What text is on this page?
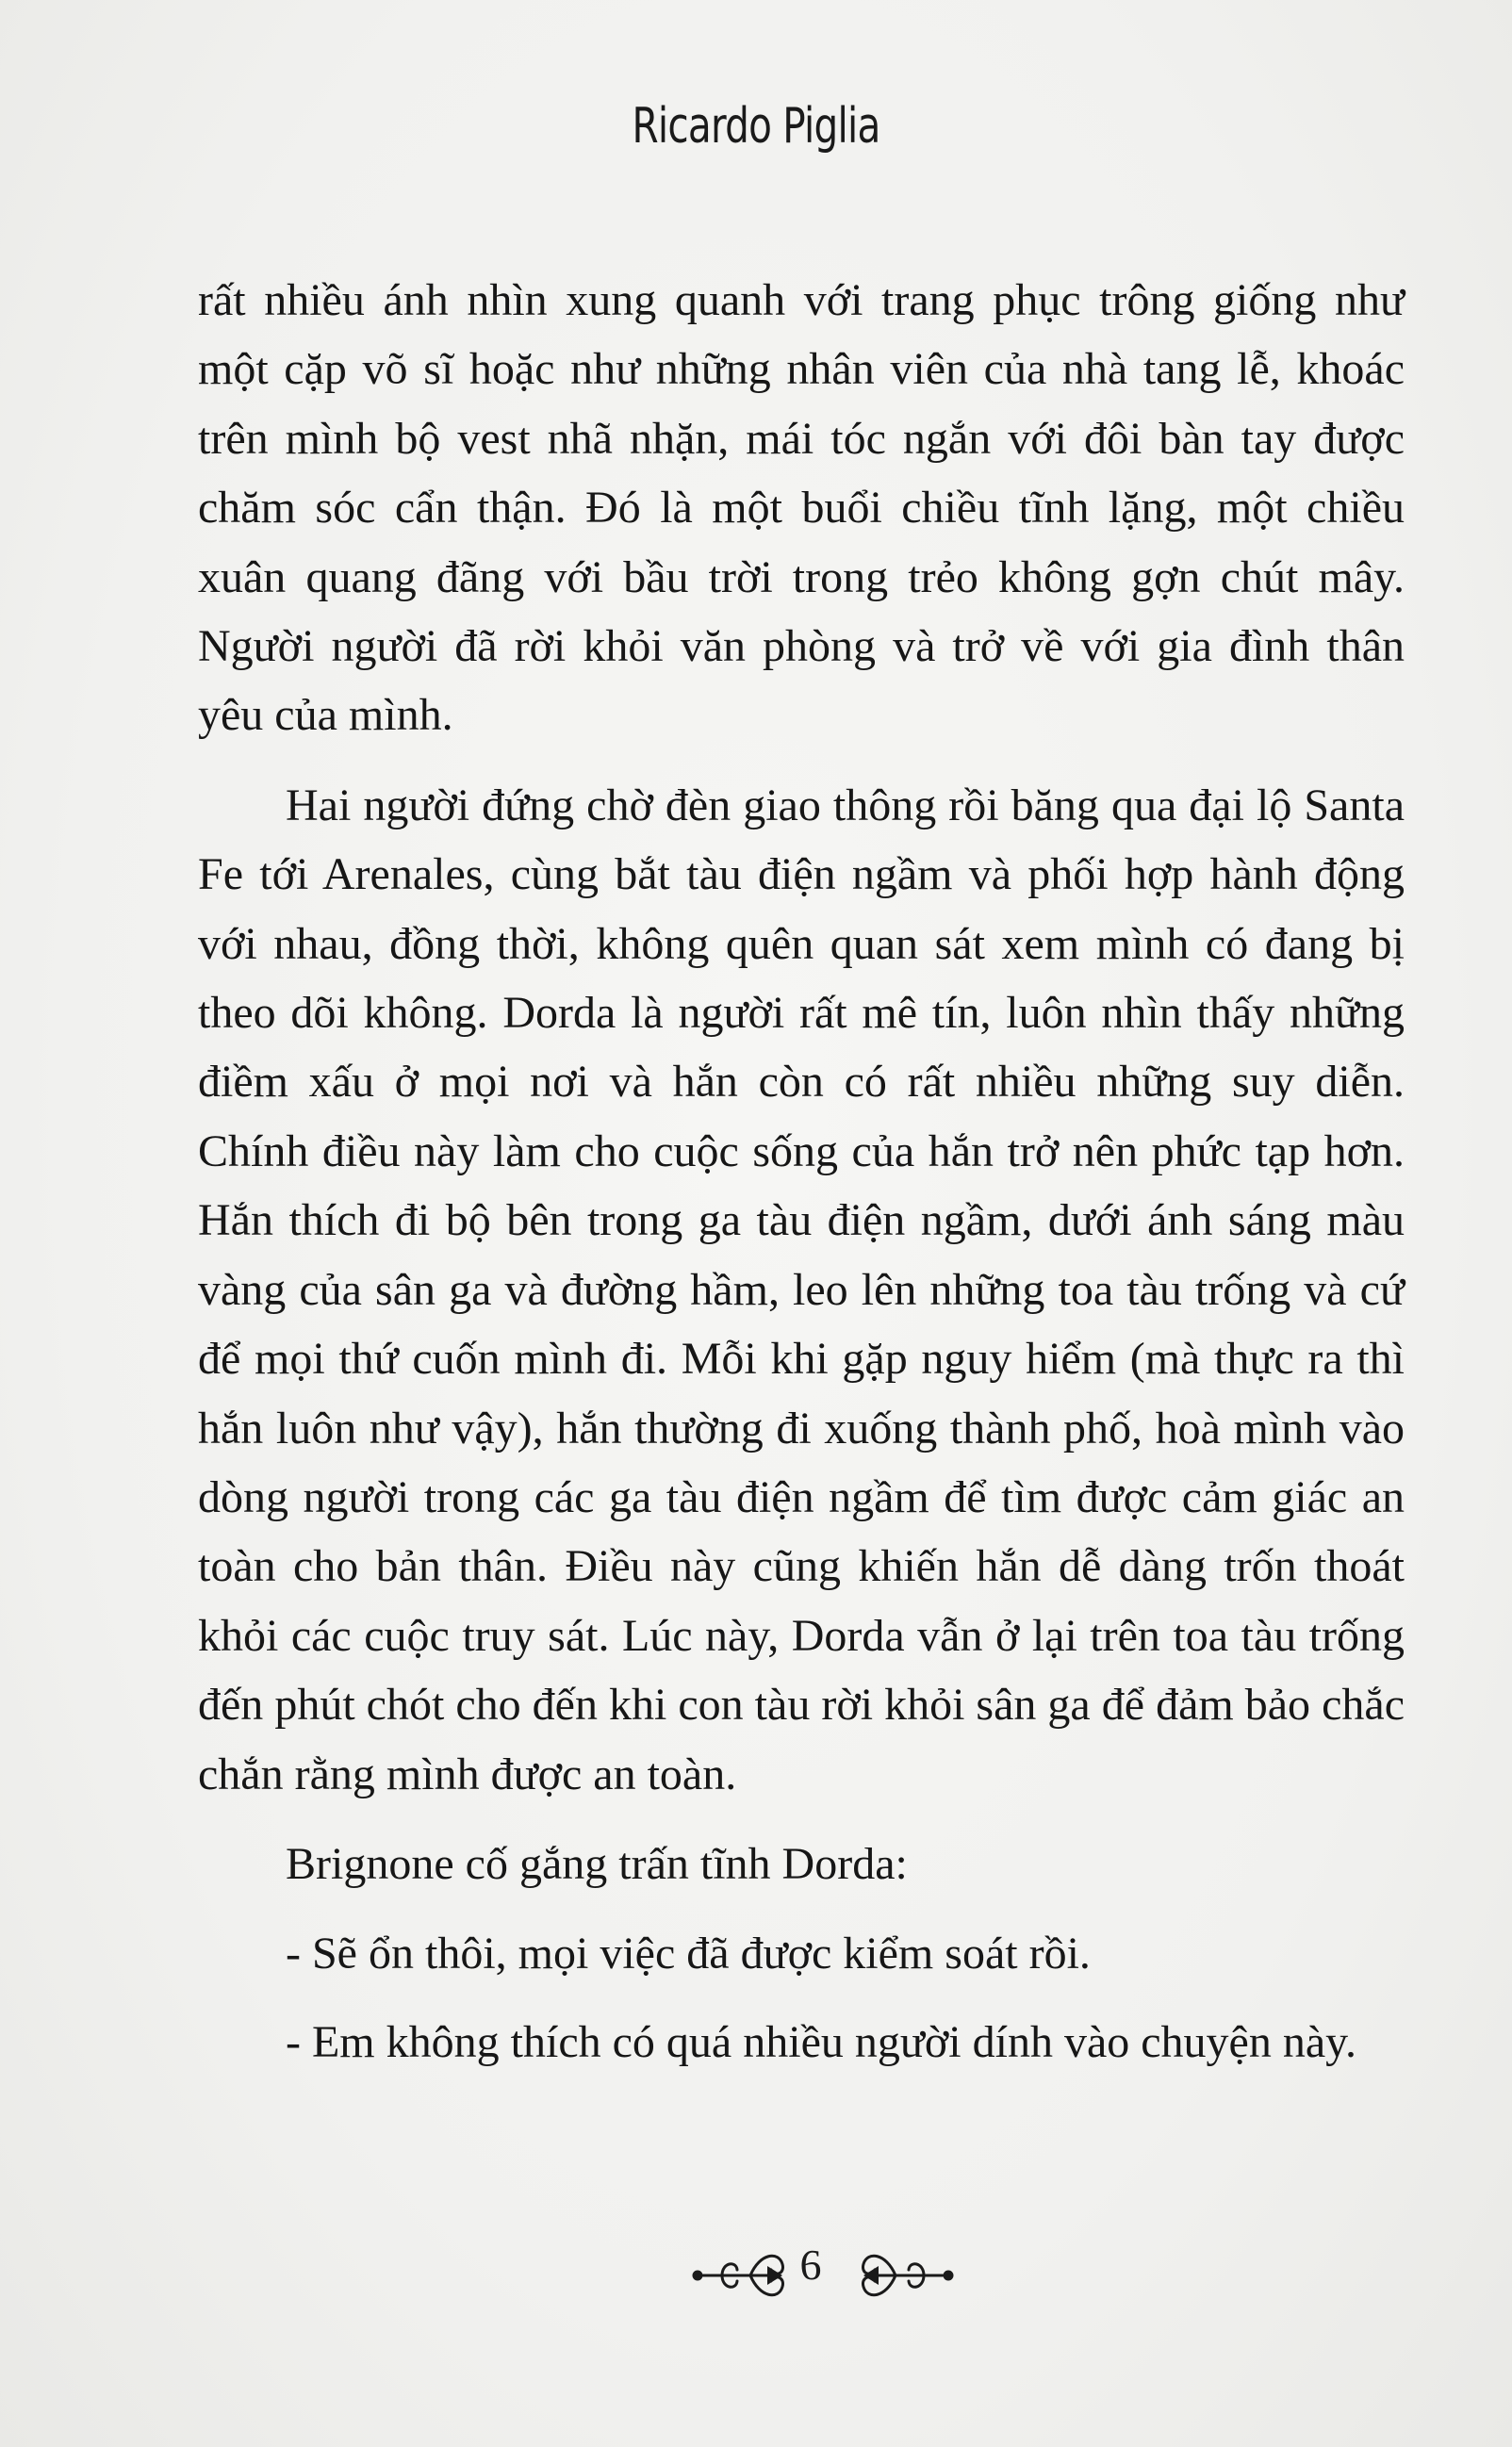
Ricardo Piglia

rất nhiều ánh nhìn xung quanh với trang phục trông giống như một cặp võ sĩ hoặc như những nhân viên của nhà tang lễ, khoác trên mình bộ vest nhã nhặn, mái tóc ngắn với đôi bàn tay được chăm sóc cẩn thận. Đó là một buổi chiều tĩnh lặng, một chiều xuân quang đãng với bầu trời trong trẻo không gợn chút mây. Người người đã rời khỏi văn phòng và trở về với gia đình thân yêu của mình.

Hai người đứng chờ đèn giao thông rồi băng qua đại lộ Santa Fe tới Arenales, cùng bắt tàu điện ngầm và phối hợp hành động với nhau, đồng thời, không quên quan sát xem mình có đang bị theo dõi không. Dorda là người rất mê tín, luôn nhìn thấy những điềm xấu ở mọi nơi và hắn còn có rất nhiều những suy diễn. Chính điều này làm cho cuộc sống của hắn trở nên phức tạp hơn. Hắn thích đi bộ bên trong ga tàu điện ngầm, dưới ánh sáng màu vàng của sân ga và đường hầm, leo lên những toa tàu trống và cứ để mọi thứ cuốn mình đi. Mỗi khi gặp nguy hiểm (mà thực ra thì hắn luôn như vậy), hắn thường đi xuống thành phố, hoà mình vào dòng người trong các ga tàu điện ngầm để tìm được cảm giác an toàn cho bản thân. Điều này cũng khiến hắn dễ dàng trốn thoát khỏi các cuộc truy sát. Lúc này, Dorda vẫn ở lại trên toa tàu trống đến phút chót cho đến khi con tàu rời khỏi sân ga để đảm bảo chắc chắn rằng mình được an toàn.

Brignone cố gắng trấn tĩnh Dorda:

- Sẽ ổn thôi, mọi việc đã được kiểm soát rồi.

- Em không thích có quá nhiều người dính vào chuyện này.

6
